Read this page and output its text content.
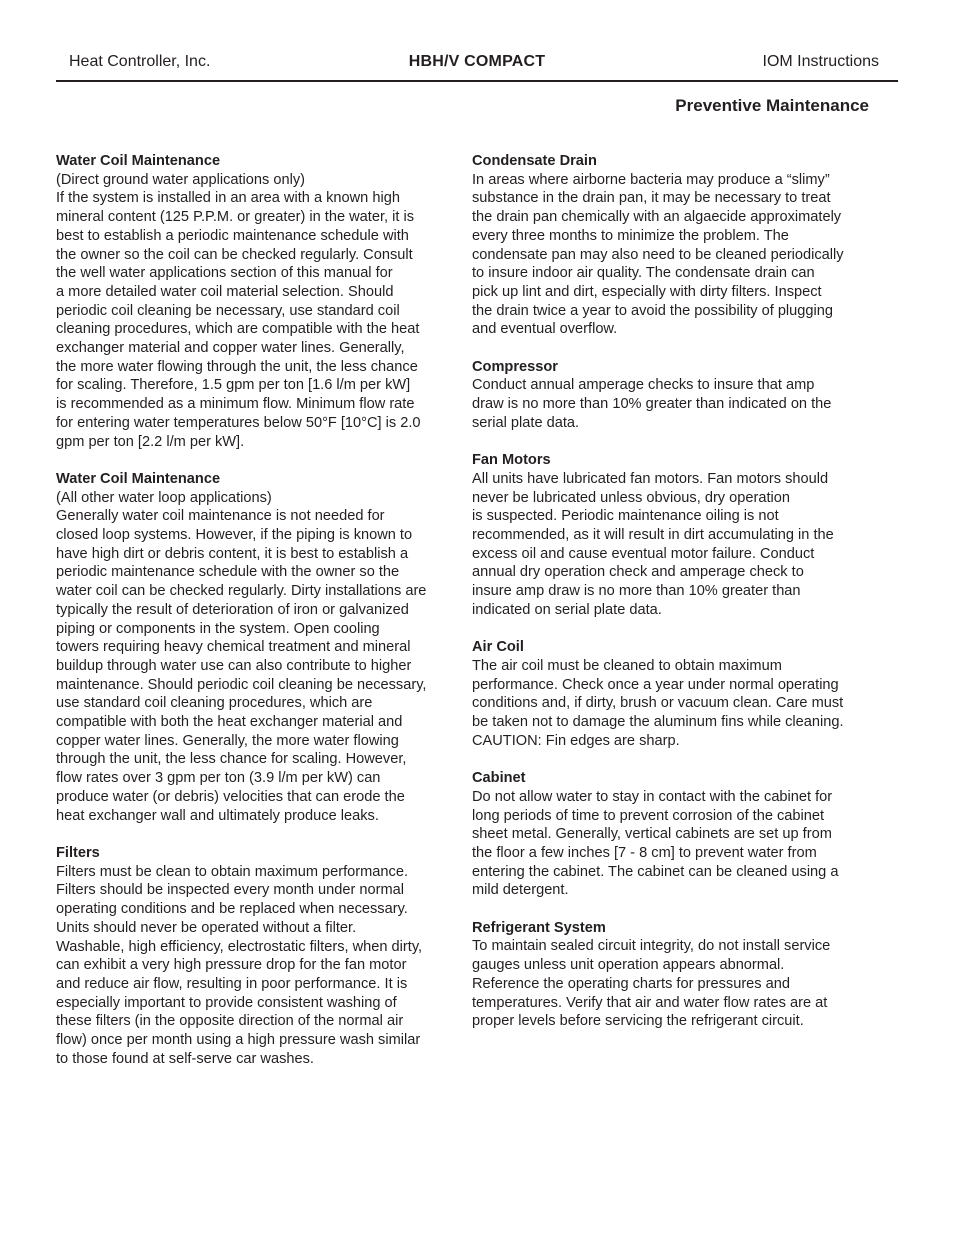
Heat Controller, Inc.	HBH/V COMPACT	IOM Instructions
Preventive Maintenance
Water Coil Maintenance

(Direct ground water applications only)
If the system is installed in an area with a known high
mineral content (125 P.P.M. or greater) in the water, it is
best to establish a periodic maintenance schedule with
the owner so the coil can be checked regularly. Consult
the well water applications section of this manual for
a more detailed water coil material selection. Should
periodic coil cleaning be necessary, use standard coil
cleaning procedures, which are compatible with the heat
exchanger material and copper water lines. Generally,
the more water flowing through the unit, the less chance
for scaling. Therefore, 1.5 gpm per ton [1.6 l/m per kW]
is recommended as a minimum flow. Minimum flow rate
for entering water temperatures below 50°F [10°C] is 2.0
gpm per ton [2.2 l/m per kW].

Water Coil Maintenance

(All other water loop applications)
Generally water coil maintenance is not needed for
closed loop systems. However, if the piping is known to
have high dirt or debris content, it is best to establish a
periodic maintenance schedule with the owner so the
water coil can be checked regularly. Dirty installations are
typically the result of deterioration of iron or galvanized
piping or components in the system. Open cooling
towers requiring heavy chemical treatment and mineral
buildup through water use can also contribute to higher
maintenance. Should periodic coil cleaning be necessary,
use standard coil cleaning procedures, which are
compatible with both the heat exchanger material and
copper water lines. Generally, the more water flowing
through the unit, the less chance for scaling. However,
flow rates over 3 gpm per ton (3.9 l/m per kW) can
produce water (or debris) velocities that can erode the
heat exchanger wall and ultimately produce leaks.

Filters

Filters must be clean to obtain maximum performance.
Filters should be inspected every month under normal
operating conditions and be replaced when necessary.
Units should never be operated without a filter.

Washable, high efficiency, electrostatic filters, when dirty,
can exhibit a very high pressure drop for the fan motor
and reduce air flow, resulting in poor performance. It is
especially important to provide consistent washing of
these filters (in the opposite direction of the normal air
flow) once per month using a high pressure wash similar
to those found at self-serve car washes.

Condensate Drain

In areas where airborne bacteria may produce a “slimy”
substance in the drain pan, it may be necessary to treat
the drain pan chemically with an algaecide approximately
every three months to minimize the problem. The
condensate pan may also need to be cleaned periodically
to insure indoor air quality. The condensate drain can
pick up lint and dirt, especially with dirty filters. Inspect
the drain twice a year to avoid the possibility of plugging
and eventual overflow.

Compressor

Conduct annual amperage checks to insure that amp
draw is no more than 10% greater than indicated on the
serial plate data.

Fan Motors

All units have lubricated fan motors. Fan motors should
never be lubricated unless obvious, dry operation
is suspected. Periodic maintenance oiling is not
recommended, as it will result in dirt accumulating in the
excess oil and cause eventual motor failure. Conduct
annual dry operation check and amperage check to
insure amp draw is no more than 10% greater than
indicated on serial plate data.

Air Coil

The air coil must be cleaned to obtain maximum
performance. Check once a year under normal operating
conditions and, if dirty, brush or vacuum clean. Care must
be taken not to damage the aluminum fins while cleaning.
CAUTION: Fin edges are sharp.

Cabinet

Do not allow water to stay in contact with the cabinet for
long periods of time to prevent corrosion of the cabinet
sheet metal. Generally, vertical cabinets are set up from
the floor a few inches [7 - 8 cm] to prevent water from
entering the cabinet. The cabinet can be cleaned using a
mild detergent.

Refrigerant System

To maintain sealed circuit integrity, do not install service
gauges unless unit operation appears abnormal.
Reference the operating charts for pressures and
temperatures. Verify that air and water flow rates are at
proper levels before servicing the refrigerant circuit.
